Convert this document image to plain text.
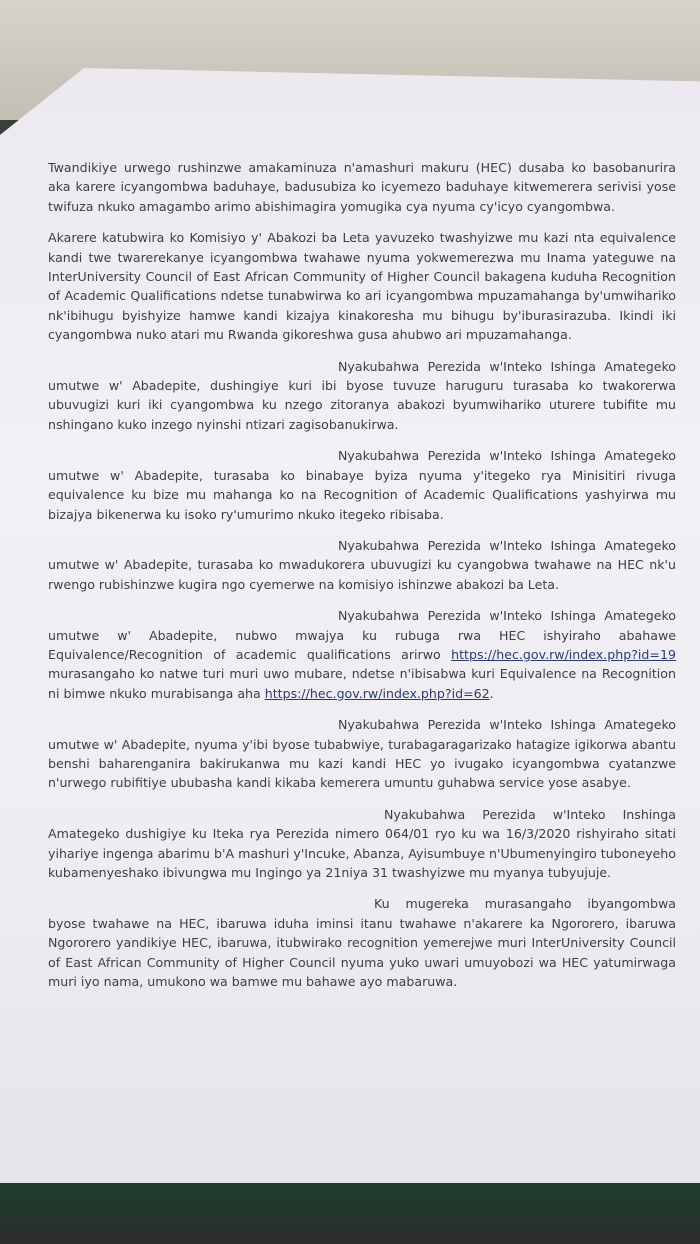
Twandikiye urwego rushinzwe amakaminuza n'amashuri makuru (HEC) dusaba ko basobanurira aka karere icyangombwa baduhaye, badusubiza ko icyemezo baduhaye kitwemerera serivisi yose twifuza nkuko amagambo arimo abishimagira yomugika cya nyuma cy'icyo cyangombwa.

Akarere katubwira ko Komisiyo y' Abakozi ba Leta yavuzeko twashyizwe mu kazi nta equivalence kandi twe twarerekanye icyangombwa twahawe nyuma yokwemerezwa mu Inama yateguwe na InterUniversity Council of East African Community of Higher Council bakagena kuduha Recognition of Academic Qualifications ndetse tunabwirwa ko ari icyangombwa mpuzamahanga by'umwihariko nk'ibihugu byishyize hamwe kandi kizajya kinakoresha mu bihugu by'iburasirazuba. Ikindi iki cyangombwa nuko atari mu Rwanda gikoreshwa gusa ahubwo ari mpuzamahanga.

Nyakubahwa Perezida w'Inteko Ishinga Amategeko umutwe w' Abadepite, dushingiye kuri ibi byose tuvuze haruguru turasaba ko twakorerwa ubuvugizi kuri iki cyangombwa ku nzego zitoranya abakozi byumwihariko uturere tubifite mu nshingano kuko inzego nyinshi ntizari zagisobanukirwa.

Nyakubahwa Perezida w'Inteko Ishinga Amategeko umutwe w' Abadepite, turasaba ko binabaye byiza nyuma y'itegeko rya Minisitiri rivuga equivalence ku bize mu mahanga ko na Recognition of Academic Qualifications yashyirwa mu bizajya bikenerwa ku isoko ry'umurimo nkuko itegeko ribisaba.

Nyakubahwa Perezida w'Inteko Ishinga Amategeko umutwe w' Abadepite, turasaba ko mwadukorera ubuvugizi ku cyangobwa twahawe na HEC nk'u rwengo rubishinzwe kugira ngo cyemerwe na komisiyo ishinzwe abakozi ba Leta.

Nyakubahwa Perezida w'Inteko Ishinga Amategeko umutwe w' Abadepite, nubwo mwajya ku rubuga rwa HEC ishyiraho abahawe Equivalence/Recognition of academic qualifications arirwo https://hec.gov.rw/index.php?id=19 murasangaho ko natwe turi muri uwo mubare, ndetse n'ibisabwa kuri Equivalence na Recognition ni bimwe nkuko murabisanga aha https://hec.gov.rw/index.php?id=62.

Nyakubahwa Perezida w'Inteko Ishinga Amategeko umutwe w' Abadepite, nyuma y'ibi byose tubabwiye, turabagaragarizako hatagize igikorwa abantu benshi baharenganira bakirukanwa mu kazi kandi HEC yo ivugako icyangombwa cyatanzwe n'urwego rubifitiye ububasha kandi kikaba kemerera umuntu guhabwa service yose asabye.

Nyakubahwa Perezida w'Inteko Inshinga Amategeko dushigiye ku Iteka rya Perezida nimero 064/01 ryo ku wa 16/3/2020 rishyiraho sitati yihariye ingenga abarimu b'A mashuri y'Incuke, Abanza, Ayisumbuye n'Ubumenyingiro tuboneyeho kubamenyeshako ibivungwa mu Ingingo ya 21niya 31 twashyizwe mu myanya tubyujuje.

Ku mugereka murasangaho ibyangombwa byose twahawe na HEC, ibaruwa iduha iminsi itanu twahawe n'akarere ka Ngororero, ibaruwa Ngororero yandikiye HEC, ibaruwa, itubwirako recognition yemerejwe muri InterUniversity Council of East African Community of Higher Council nyuma yuko uwari umuyobozi wa HEC yatumirwaga muri iyo nama, umukono wa bamwe mu bahawe ayo mabaruwa.
